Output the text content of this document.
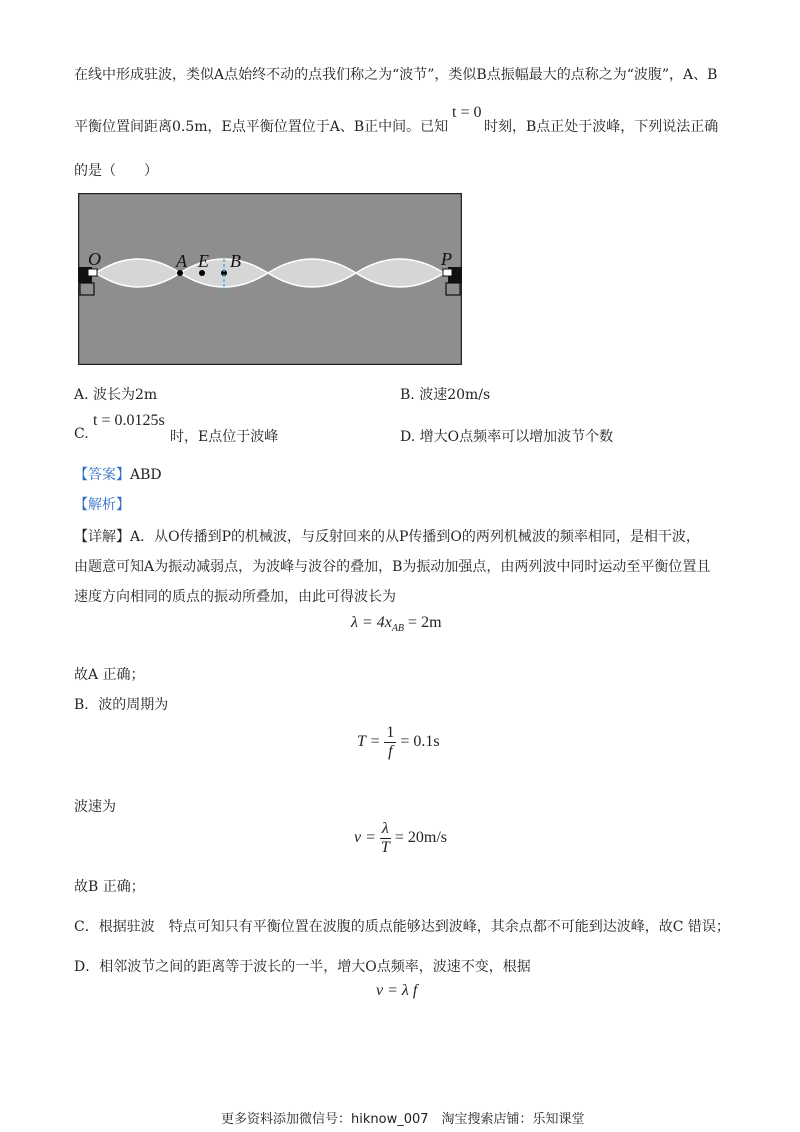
在线中形成驻波，类似A点始终不动的点我们称之为“波节”，类似B点振幅最大的点称之为“波腹”，A、B
平衡位置间距离0.5m，E点平衡位置位于A、B正中间。已知
t = 0
时刻，B点正处于波峰，下列说法正确
的是（　　）
O	A E B	P
A. 波长为2m	B. 波速20m/s
C.
t = 0.0125s
时，E点位于波峰	D. 增大O点频率可以增加波节个数
【答案】ABD
【解析】
【详解】A．从O传播到P的机械波，与反射回来的从P传播到O的两列机械波的频率相同，是相干波，
由题意可知A为振动减弱点，为波峰与波谷的叠加，B为振动加强点，由两列波中同时运动至平衡位置且
速度方向相同的质点的振动所叠加，由此可得波长为
$\lambda = 4x_{AB} = 2m$
故A 正确；
B．波的周期为
$T = \frac{1}{f} = 0.1s$
波速为
$v = \frac{\lambda}{T} = 20m/s$
故B 正确；
C．根据驻波　特点可知只有平衡位置在波腹的质点能够达到波峰，其余点都不可能到达波峰，故C 错误；
D．相邻波节之间的距离等于波长的一半，增大O点频率，波速不变，根据
v = λ f
更多资料添加微信号：hiknow_007　淘宝搜索店铺：乐知课堂
